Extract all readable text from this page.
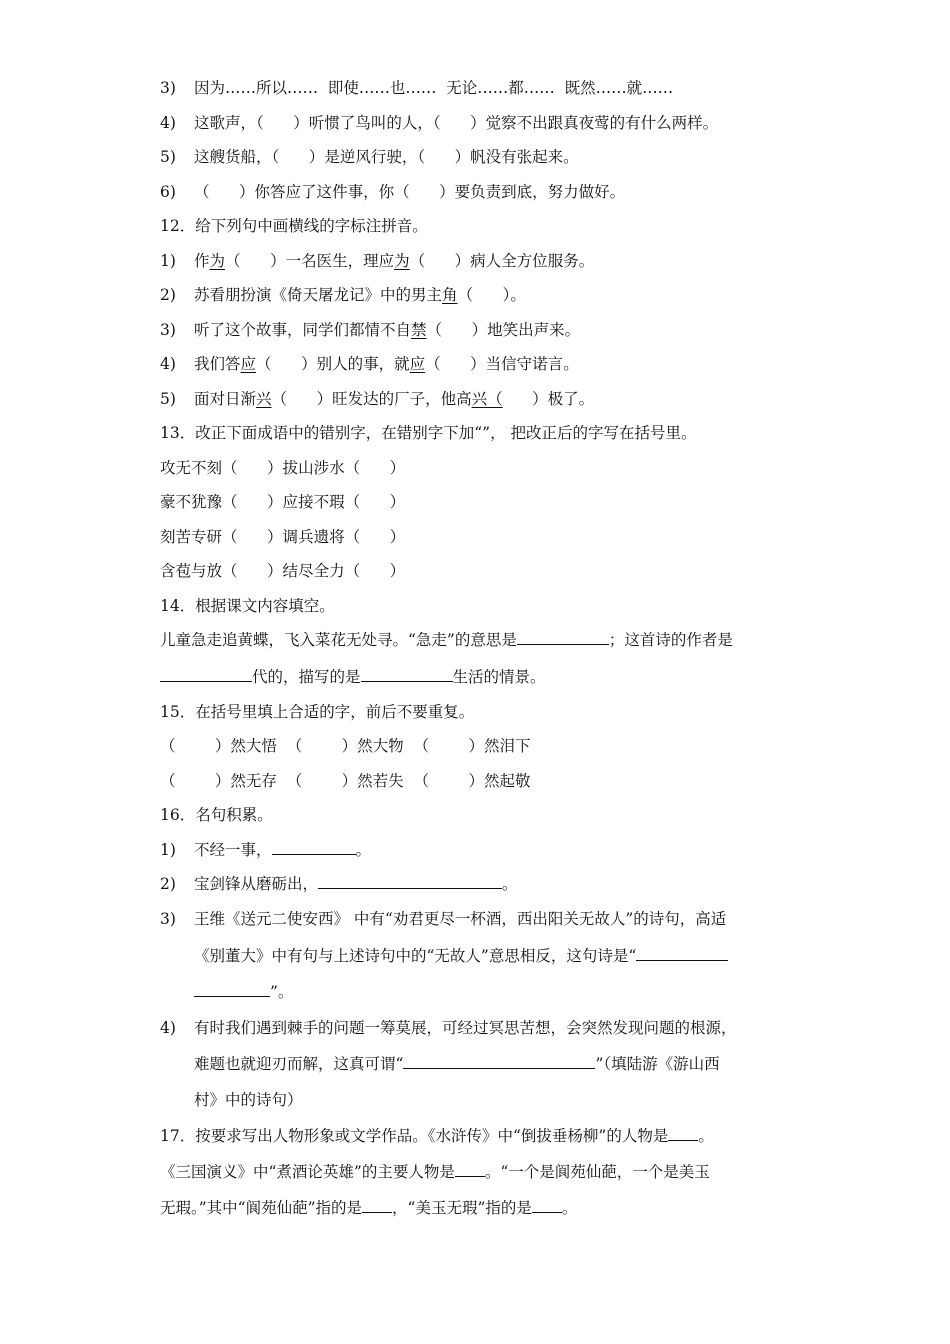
3) 因为……所以……  即使……也……  无论……都……  既然……就……
4) 这歌声，（      ）听惯了鸟叫的人，（      ）觉察不出跟真夜莺的有什么两样。
5) 这艘货船，（      ）是逆风行驶，（      ）帆没有张起来。
6) （      ）你答应了这件事，你（      ）要负责到底，努力做好。
12．给下列句中画横线的字标注拼音。
1) 作为（      ）一名医生，理应为（      ）病人全方位服务。
2) 苏看朋扮演《倚天屠龙记》中的男主角（      ）。
3) 听了这个故事，同学们都情不自禁（      ）地笑出声来。
4) 我们答应（      ）别人的事，就应（      ）当信守诺言。
5) 面对日渐兴（      ）旺发达的厂子，他高兴（      ）极了。
13．改正下面成语中的错别字，在错别字下加“”， 把改正后的字写在括号里。
攻无不刻（      ）拔山涉水（      ）
豪不犹豫（      ）应接不瑕（      ）
刻苦专研（      ）调兵遗将（      ）
含苞与放（      ）结尽全力（      ）
14．根据课文内容填空。
儿童急走追黄蝶，飞入菜花无处寻。“急走”的意思是	；这首诗的作者是
代的，描写的是	生活的情景。
15．在括号里填上合适的字，前后不要重复。
（        ）然大悟  （        ）然大物  （        ）然泪下
（        ）然无存  （        ）然若失  （        ）然起敬
16．名句积累。
1) 不经一事，	。
2) 宝剑锋从磨砺出，	。
3) 王维《送元二使安西》 中有“劝君更尽一杯酒，西出阳关无故人”的诗句，高适
《别董大》中有句与上述诗句中的“无故人”意思相反，这句诗是“
”。
4) 有时我们遇到棘手的问题一筹莫展，可经过冥思苦想，会突然发现问题的根源，
难题也就迎刃而解，这真可谓“	”（填陆游《游山西
村》中的诗句）
17．按要求写出人物形象或文学作品。《水浒传》中“倒拔垂杨柳”的人物是 。
《三国演义》中“煮酒论英雄”的主要人物是 。“一个是阆苑仙葩，一个是美玉
无瑕。”其中“阆苑仙葩”指的是 ，“美玉无瑕”指的是 。
